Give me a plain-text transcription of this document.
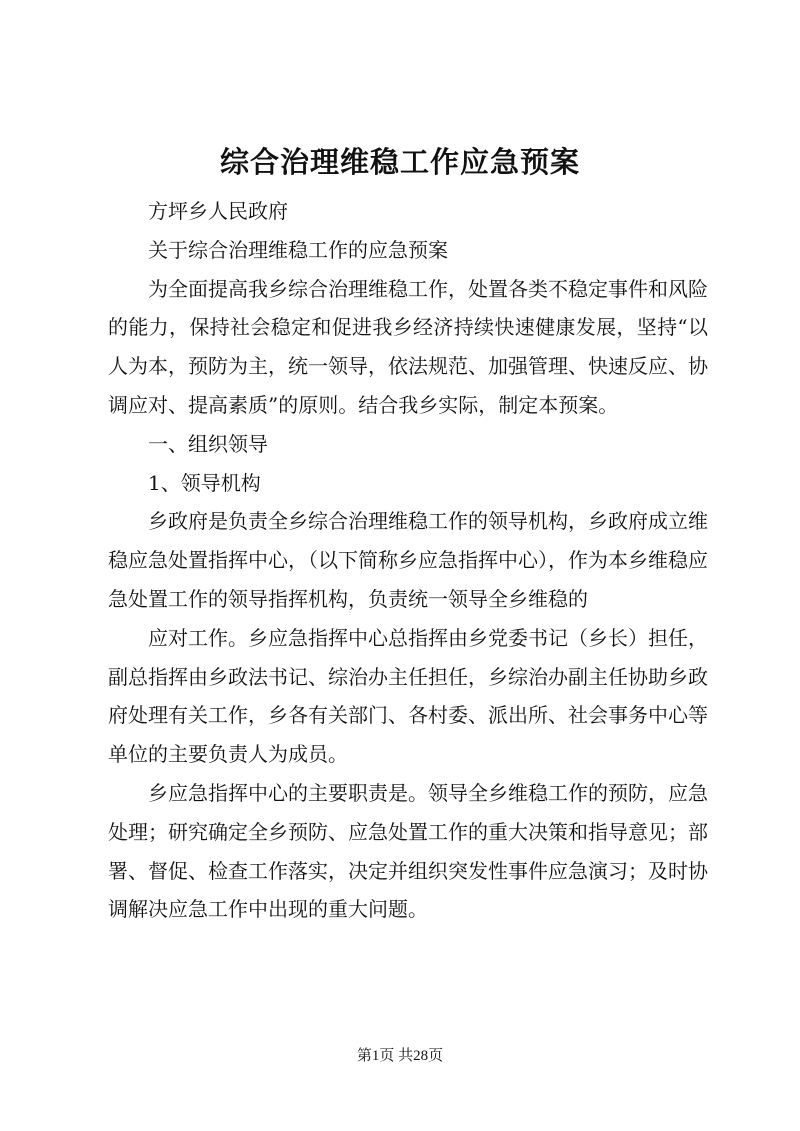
综合治理维稳工作应急预案

方坪乡人民政府

关于综合治理维稳工作的应急预案

为全面提高我乡综合治理维稳工作，处置各类不稳定事件和风险的能力，保持社会稳定和促进我乡经济持续快速健康发展，坚持“以人为本，预防为主，统一领导，依法规范、加强管理、快速反应、协调应对、提高素质”的原则。结合我乡实际，制定本预案。

一、组织领导

1、领导机构

乡政府是负责全乡综合治理维稳工作的领导机构，乡政府成立维稳应急处置指挥中心，（以下简称乡应急指挥中心），作为本乡维稳应急处置工作的领导指挥机构，负责统一领导全乡维稳的

应对工作。乡应急指挥中心总指挥由乡党委书记（乡长）担任，副总指挥由乡政法书记、综治办主任担任，乡综治办副主任协助乡政府处理有关工作，乡各有关部门、各村委、派出所、社会事务中心等单位的主要负责人为成员。

乡应急指挥中心的主要职责是。领导全乡维稳工作的预防，应急处理；研究确定全乡预防、应急处置工作的重大决策和指导意见；部署、督促、检查工作落实，决定并组织突发性事件应急演习；及时协调解决应急工作中出现的重大问题。

第1页 共28页
